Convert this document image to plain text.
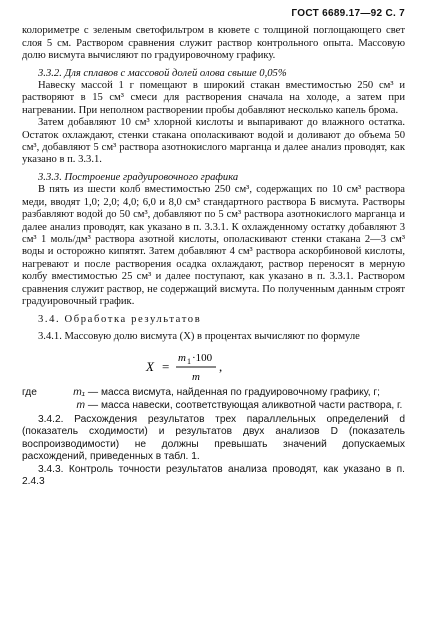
ГОСТ 6689.17—92 С. 7

колориметре с зеленым светофильтром в кювете с толщиной поглощающего свет слоя 5 см. Раствором сравнения служит раствор контрольного опыта. Массовую долю висмута вычисляют по градуировочному графику.

3.3.2. Для сплавов с массовой долей олова свыше 0,05%

Навеску массой 1 г помещают в широкий стакан вместимостью 250 см³ и растворяют в 15 см³ смеси для растворения сначала на холоде, а затем при нагревании. При неполном растворении пробы добавляют несколько капель брома.

Затем добавляют 10 см³ хлорной кислоты и выпаривают до влажного остатка. Остаток охлаждают, стенки стакана ополаскивают водой и доливают до объема 50 см³, добавляют 5 см³ раствора азотнокислого марганца и далее анализ проводят, как указано в п. 3.3.1.

3.3.3. Построение градуировочного графика

В пять из шести колб вместимостью 250 см³, содержащих по 10 см³ раствора меди, вводят 1,0; 2,0; 4,0; 6,0 и 8,0 см³ стандартного раствора Б висмута. Растворы разбавляют водой до 50 см³, добавляют по 5 см³ раствора азотнокислого марганца и далее анализ проводят, как указано в п. 3.3.1. К охлажденному остатку добавляют 3 см³ 1 моль/дм³ раствора азотной кислоты, ополаскивают стенки стакана 2—3 см³ воды и осторожно кипятят. Затем добавляют 4 см³ раствора аскорбиновой кислоты, нагревают и после растворения осадка охлаждают, раствор переносят в мерную колбу вместимостью 25 см³ и далее поступают, как указано в п. 3.3.1. Раствором сравнения служит раствор, не содержащий висмута. По полученным данным строят градуировочный график.

3.4. Обработка результатов

3.4.1. Массовую долю висмута (X) в процентах вычисляют по формуле

X =
m 1 ·100
m
,
где	m₁ —	масса висмута, найденная по градуировочному графику, г;
	m —	масса навески, соответствующая аликвотной части раствора, г.

3.4.2. Расхождения результатов трех параллельных определений d (показатель сходимости) и результатов двух анализов D (показатель воспроизводимости) не должны превышать значений допускаемых расхождений, приведенных в табл. 1.

3.4.3. Контроль точности результатов анализа проводят, как указано в п. 2.4.3
